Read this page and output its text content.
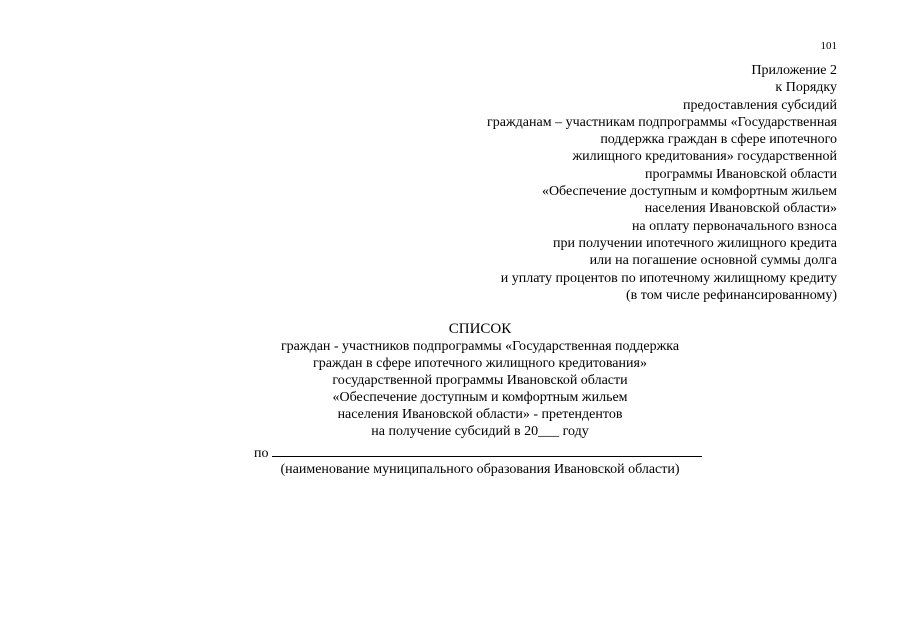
101
Приложение 2
к Порядку
предоставления субсидий
гражданам – участникам подпрограммы «Государственная
поддержка граждан в сфере ипотечного
жилищного кредитования» государственной
программы Ивановской области
«Обеспечение доступным и комфортным жильем
населения Ивановской области»
на оплату первоначального взноса
при получении ипотечного жилищного кредита
или на погашение основной суммы долга
и уплату процентов по ипотечному жилищному кредиту
(в том числе рефинансированному)
СПИСОК
граждан - участников подпрограммы «Государственная поддержка
граждан в сфере ипотечного жилищного кредитования»
государственной программы Ивановской области
«Обеспечение доступным и комфортным жильем
населения Ивановской области» - претендентов
на получение субсидий в 20___ году
по
(наименование муниципального образования Ивановской области)
